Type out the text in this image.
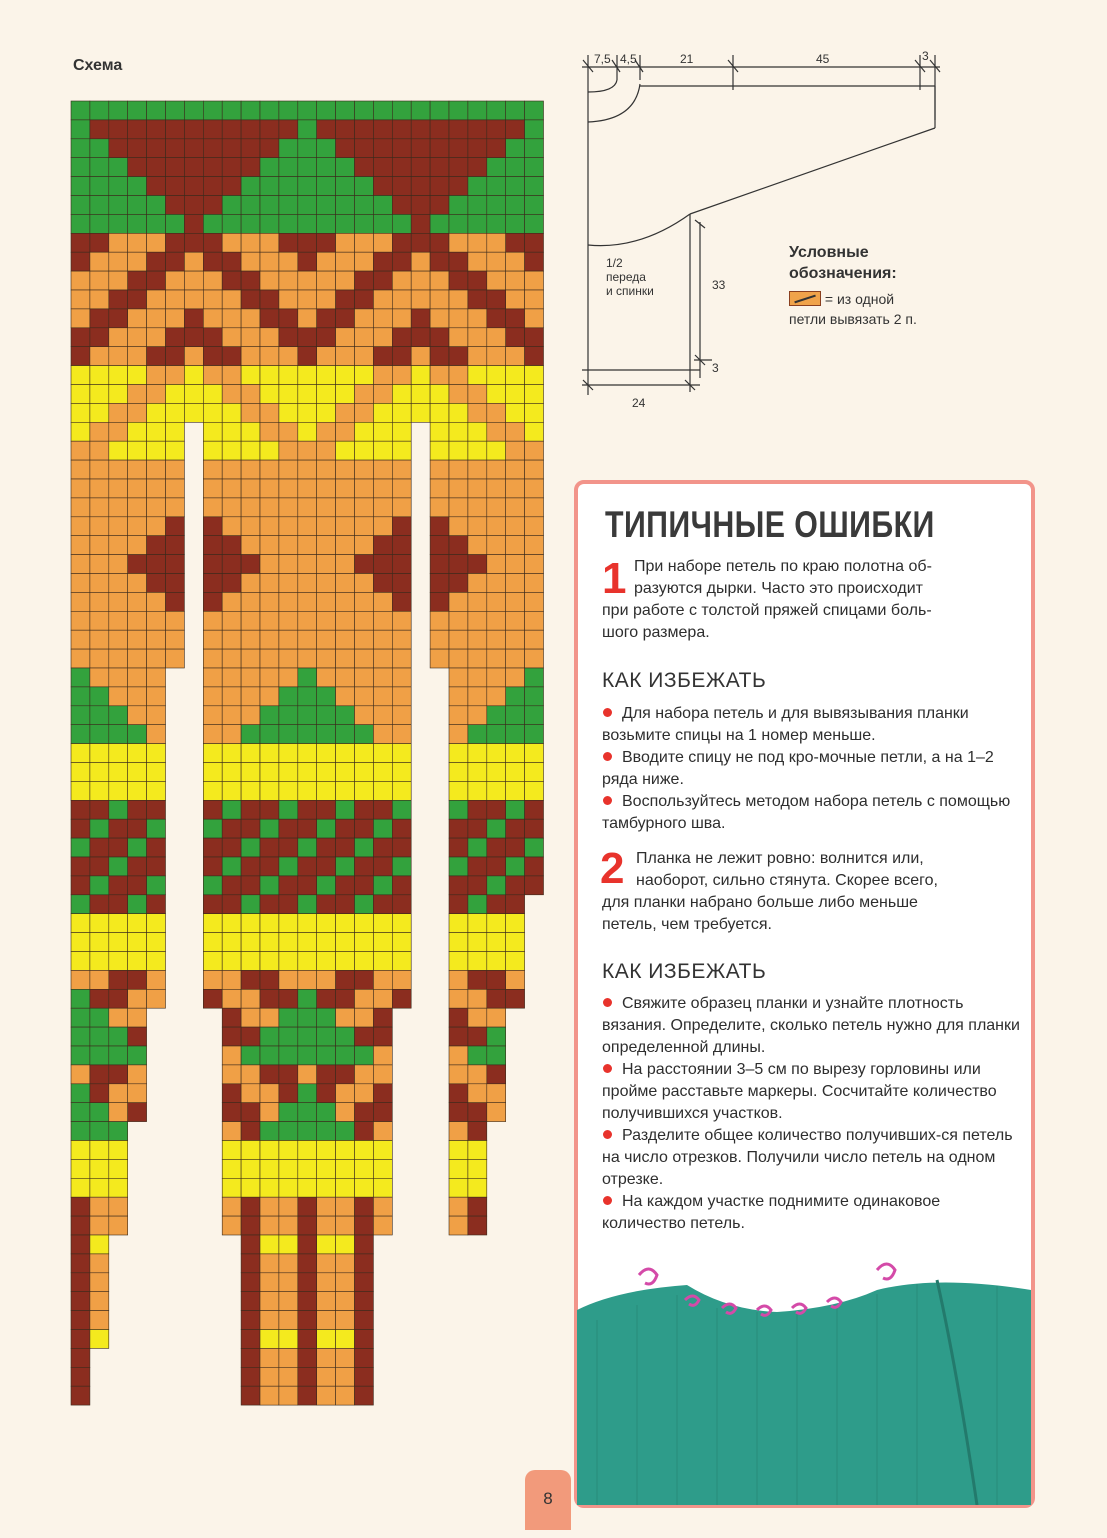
Схема	7,5 4,5	21	45	3
33
3
24
1/2
переда
и спинки
Условные
обозначения:
= из одной
петли вывязать 2 п.
ТИПИЧНЫЕ ОШИБКИ
1 При наборе петель по краю полотна об-
разуются дырки. Часто это происходит
при работе с толстой пряжей спицами боль-
шого размера.
КАК ИЗБЕЖАТЬ

Для набора петель и для вывязывания планки возьмите спицы на 1 номер меньше.

Вводите спицу не под кро-мочные петли, а на 1–2 ряда ниже.

Воспользуйтесь методом набора петель с помощью тамбурного шва.

2 Планка не лежит ровно: волнится или,
наоборот, сильно стянута. Скорее всего,
для планки набрано больше либо меньше
петель, чем требуется.
КАК ИЗБЕЖАТЬ

Свяжите образец планки и узнайте плотность вязания. Определите, сколько петель нужно для планки определенной длины.

На расстоянии 3–5 см по вырезу горловины или пройме расставьте маркеры. Сосчитайте количество получившихся участков.

Разделите общее количество получивших-ся петель на число отрезков. Получили число петель на одном отрезке.

На каждом участке поднимите одинаковое количество петель.

8
